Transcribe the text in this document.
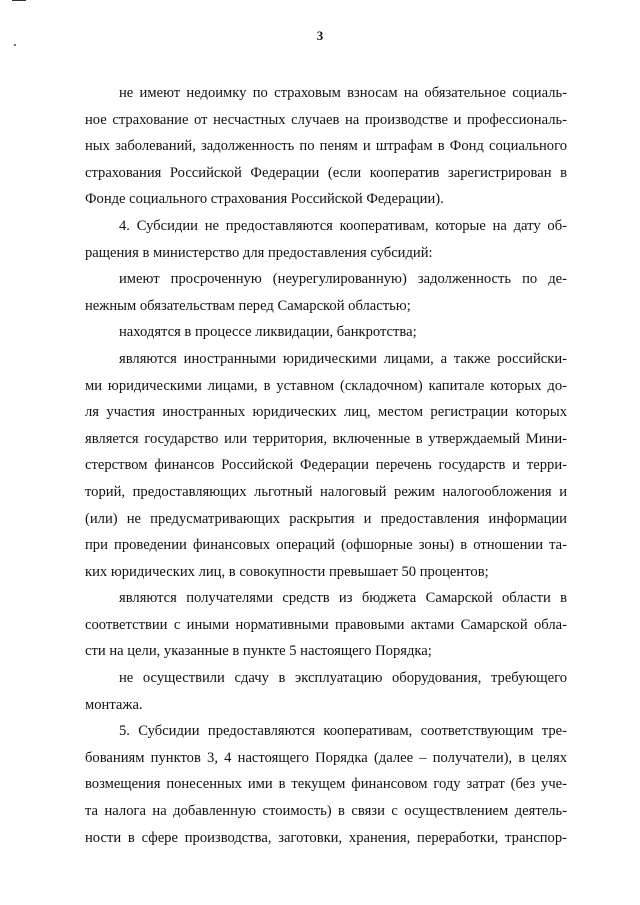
3
не имеют недоимку по страховым взносам на обязательное социаль-
ное страхование от несчастных случаев на производстве и профессиональ-
ных заболеваний, задолженность по пеням и штрафам в Фонд социального
страхования Российской Федерации (если кооператив зарегистрирован в
Фонде социального страхования Российской Федерации).
4. Субсидии не предоставляются кооперативам, которые на дату об-
ращения в министерство для предоставления субсидий:
имеют просроченную (неурегулированную) задолженность по де-
нежным обязательствам перед Самарской областью;
находятся в процессе ликвидации, банкротства;
являются иностранными юридическими лицами, а также российски-
ми юридическими лицами, в уставном (складочном) капитале которых до-
ля участия иностранных юридических лиц, местом регистрации которых
является государство или территория, включенные в утверждаемый Мини-
стерством финансов Российской Федерации перечень государств и терри-
торий, предоставляющих льготный налоговый режим налогообложения и
(или) не предусматривающих раскрытия и предоставления информации
при проведении финансовых операций (офшорные зоны) в отношении та-
ких юридических лиц, в совокупности превышает 50 процентов;
являются получателями средств из бюджета Самарской области в
соответствии с иными нормативными правовыми актами Самарской обла-
сти на цели, указанные в пункте 5 настоящего Порядка;
не осуществили сдачу в эксплуатацию оборудования, требующего
монтажа.
5. Субсидии предоставляются кооперативам, соответствующим тре-
бованиям пунктов 3, 4 настоящего Порядка (далее – получатели), в целях
возмещения понесенных ими в текущем финансовом году затрат (без уче-
та налога на добавленную стоимость) в связи с осуществлением деятель-
ности в сфере производства, заготовки, хранения, переработки, транспор-
